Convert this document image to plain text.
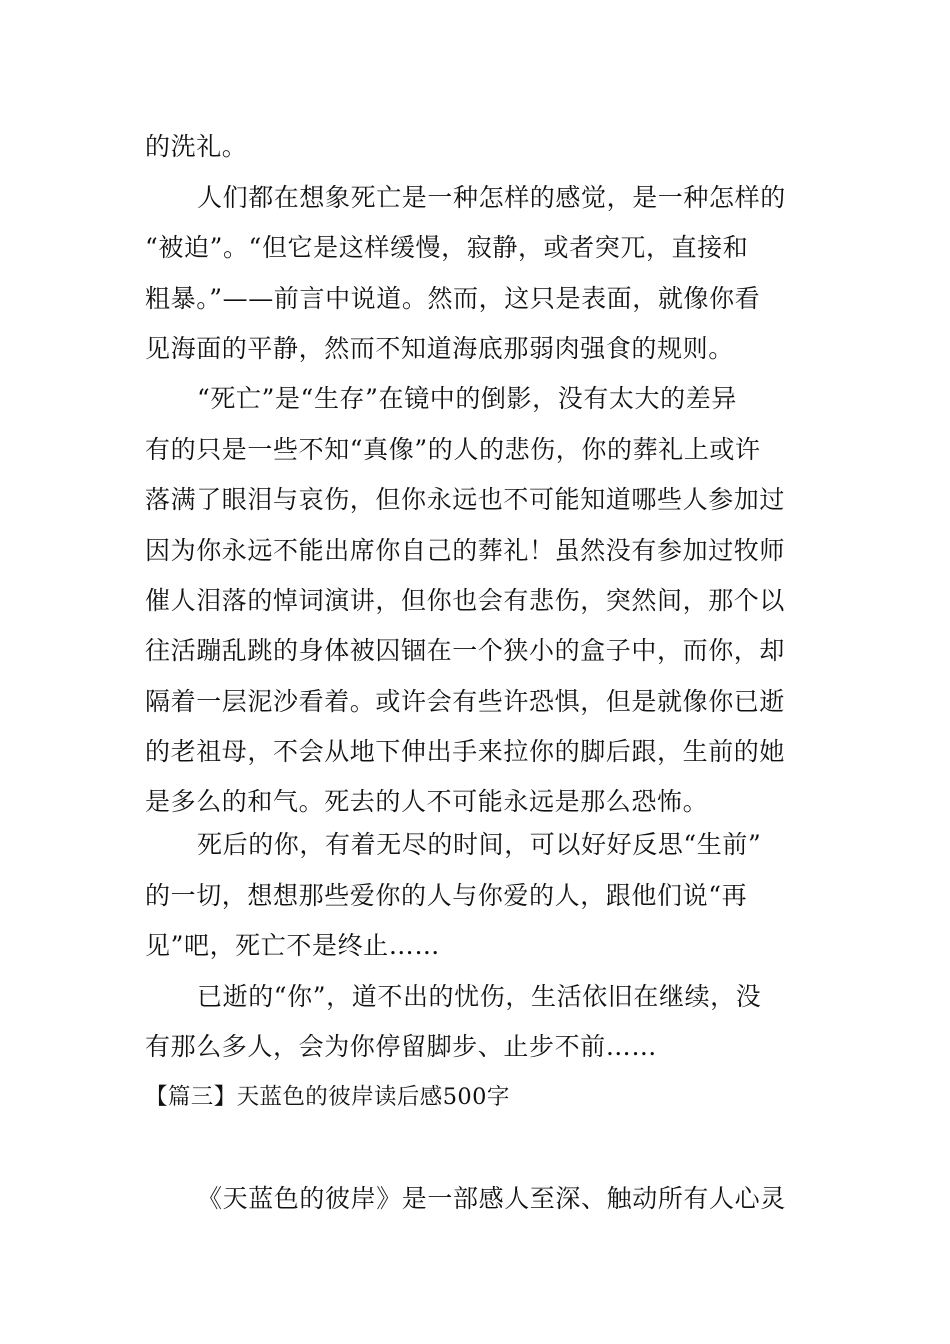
的洗礼。
人们都在想象死亡是一种怎样的感觉，是一种怎样的
“被迫”。“但它是这样缓慢，寂静，或者突兀，直接和
粗暴。”——前言中说道。然而，这只是表面，就像你看
见海面的平静，然而不知道海底那弱肉强食的规则。
“死亡”是“生存”在镜中的倒影，没有太大的差异
有的只是一些不知“真像”的人的悲伤，你的葬礼上或许
落满了眼泪与哀伤，但你永远也不可能知道哪些人参加过
因为你永远不能出席你自己的葬礼！虽然没有参加过牧师
催人泪落的悼词演讲，但你也会有悲伤，突然间，那个以
往活蹦乱跳的身体被囚锢在一个狭小的盒子中，而你，却
隔着一层泥沙看着。或许会有些许恐惧，但是就像你已逝
的老祖母，不会从地下伸出手来拉你的脚后跟，生前的她
是多么的和气。死去的人不可能永远是那么恐怖。
死后的你，有着无尽的时间，可以好好反思“生前”
的一切，想想那些爱你的人与你爱的人，跟他们说“再
见”吧，死亡不是终止……
已逝的“你”，道不出的忧伤，生活依旧在继续，没
有那么多人，会为你停留脚步、止步不前……
【篇三】天蓝色的彼岸读后感500字
《天蓝色的彼岸》是一部感人至深、触动所有人心灵
